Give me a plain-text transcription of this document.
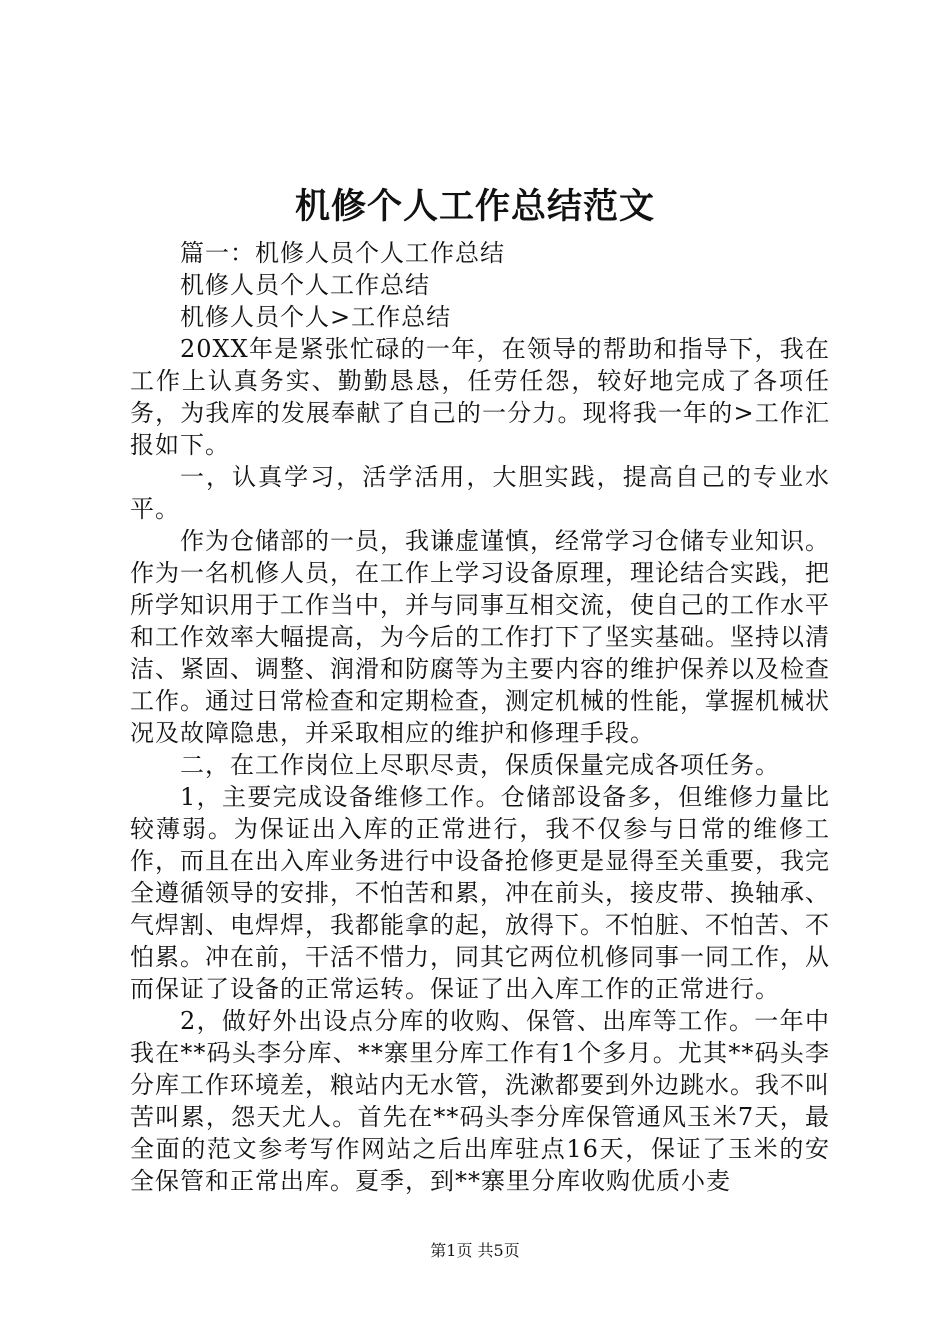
机修个人工作总结范文

篇一：机修人员个人工作总结

机修人员个人工作总结

机修人员个人>工作总结

20XX年是紧张忙碌的一年，在领导的帮助和指导下，我在工作上认真务实、勤勤恳恳，任劳任怨，较好地完成了各项任务，为我库的发展奉献了自己的一分力。现将我一年的>工作汇报如下。

一，认真学习，活学活用，大胆实践，提高自己的专业水平。

作为仓储部的一员，我谦虚谨慎，经常学习仓储专业知识。作为一名机修人员，在工作上学习设备原理，理论结合实践，把所学知识用于工作当中，并与同事互相交流，使自己的工作水平和工作效率大幅提高，为今后的工作打下了坚实基础。坚持以清洁、紧固、调整、润滑和防腐等为主要内容的维护保养以及检查工作。通过日常检查和定期检查，测定机械的性能，掌握机械状况及故障隐患，并采取相应的维护和修理手段。

二，在工作岗位上尽职尽责，保质保量完成各项任务。

1，主要完成设备维修工作。仓储部设备多，但维修力量比较薄弱。为保证出入库的正常进行，我不仅参与日常的维修工作，而且在出入库业务进行中设备抢修更是显得至关重要，我完全遵循领导的安排，不怕苦和累，冲在前头，接皮带、换轴承、气焊割、电焊焊，我都能拿的起，放得下。不怕脏、不怕苦、不怕累。冲在前，干活不惜力，同其它两位机修同事一同工作，从而保证了设备的正常运转。保证了出入库工作的正常进行。

2，做好外出设点分库的收购、保管、出库等工作。一年中我在**码头李分库、**寨里分库工作有1个多月。尤其**码头李分库工作环境差，粮站内无水管，洗漱都要到外边跳水。我不叫苦叫累，怨天尤人。首先在**码头李分库保管通风玉米7天，最全面的范文参考写作网站之后出库驻点16天，保证了玉米的安全保管和正常出库。夏季，到**寨里分库收购优质小麦

第1页 共5页
